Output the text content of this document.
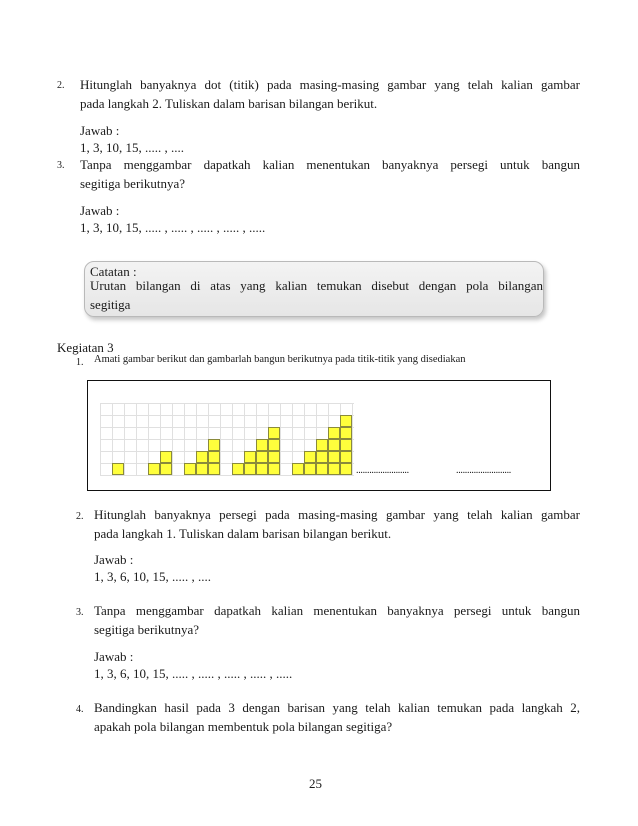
2. Hitunglah banyaknya dot (titik) pada masing-masing gambar yang telah kalian gambar
pada langkah 2. Tuliskan dalam barisan bilangan berikut.
Jawab :
1, 3, 10, 15, ..... , ....
3. Tanpa menggambar dapatkah kalian menentukan banyaknya persegi untuk bangun
segitiga berikutnya?
Jawab :
1, 3, 10, 15, ..... , ..... , ..... , ..... , .....
Catatan :
Urutan bilangan di atas yang kalian temukan disebut dengan pola bilangan
segitiga
Kegiatan 3
1. Amati gambar berikut dan gambarlah bangun berikutnya pada titik-titik yang disediakan
........................	.........................
2. Hitunglah banyaknya persegi pada masing-masing gambar yang telah kalian gambar
pada langkah 1. Tuliskan dalam barisan bilangan berikut.
Jawab :
1, 3, 6, 10, 15, ..... , ....
3. Tanpa menggambar dapatkah kalian menentukan banyaknya persegi untuk bangun
segitiga berikutnya?
Jawab :
1, 3, 6, 10, 15, ..... , ..... , ..... , ..... , .....
4. Bandingkan hasil pada 3 dengan barisan yang telah kalian temukan pada langkah 2,
apakah pola bilangan membentuk pola bilangan segitiga?
25
